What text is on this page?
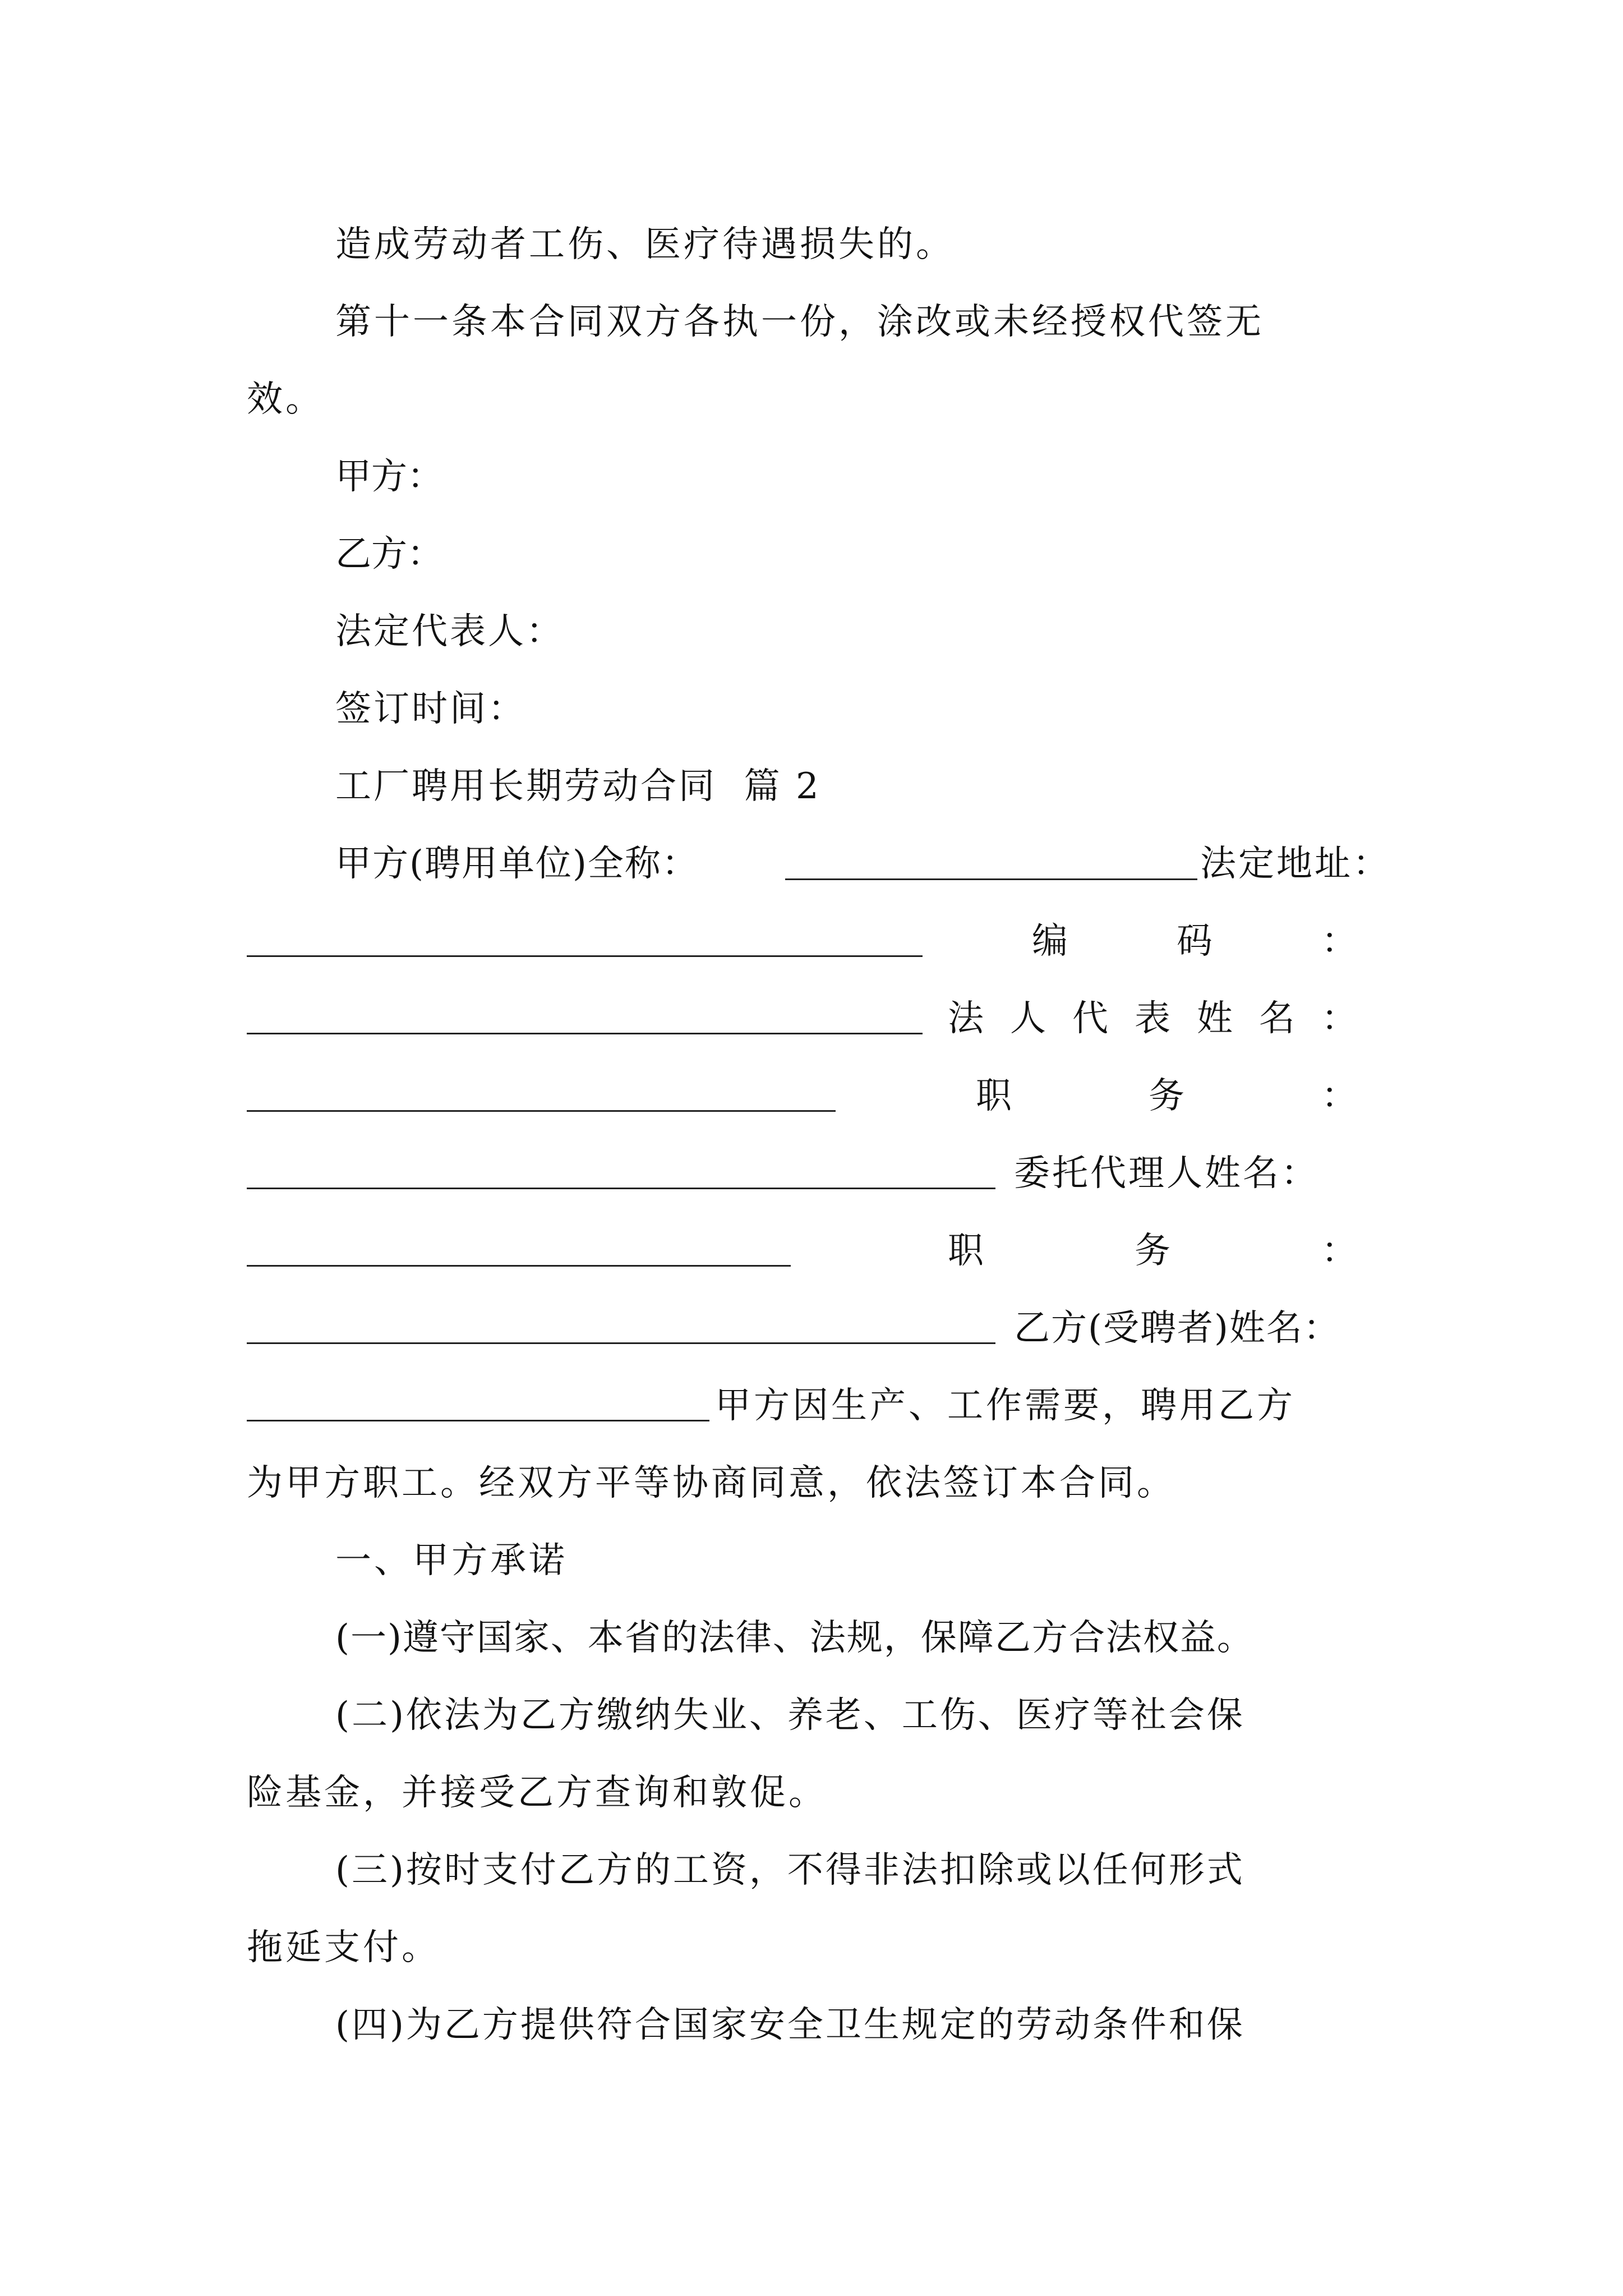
造成劳动者工伤、医疗待遇损失的。
第十一条本合同双方各执一份，涂改或未经授权代签无
效。
甲方：
乙方：
法定代表人：
签订时间：
工厂聘用长期劳动合同  篇 2
甲方(聘用单位)全称：	法定地址：
编	码	：
法 人 代 表 姓 名 ：
职	务	：
委托代理人姓名：
职	务	：
乙方(受聘者)姓名：
甲方因生产、工作需要，聘用乙方
为甲方职工。经双方平等协商同意，依法签订本合同。
一、甲方承诺
(一)遵守国家、本省的法律、法规，保障乙方合法权益。
(二)依法为乙方缴纳失业、养老、工伤、医疗等社会保
险基金，并接受乙方查询和敦促。
(三)按时支付乙方的工资，不得非法扣除或以任何形式
拖延支付。
(四)为乙方提供符合国家安全卫生规定的劳动条件和保
